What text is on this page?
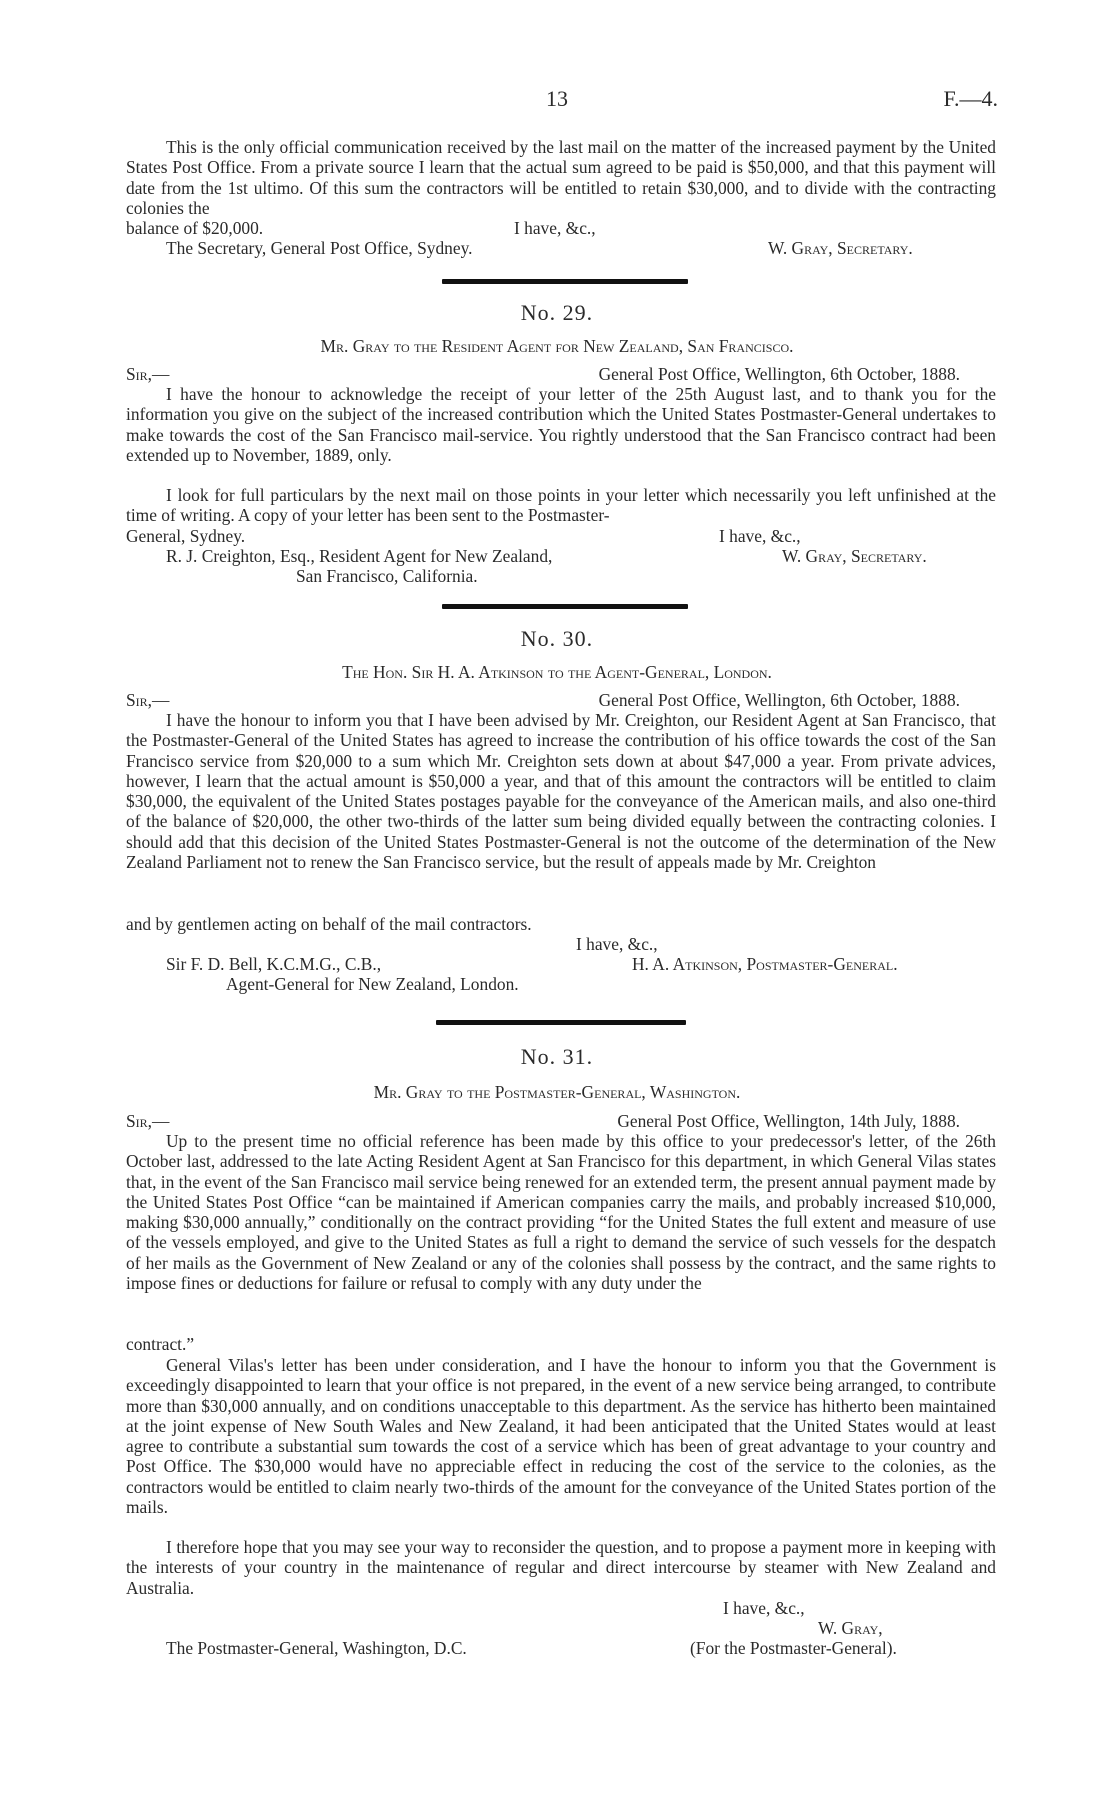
13	F.—4.
This is the only official communication received by the last mail on the matter of the increased payment by the United States Post Office. From a private source I learn that the actual sum agreed to be paid is $50,000, and that this payment will date from the 1st ultimo. Of this sum the contractors will be entitled to retain $30,000, and to divide with the contracting colonies the
balance of $20,000.	I have, &c.,
The Secretary, General Post Office, Sydney.	W. Gray, Secretary.
No. 29.
Mr. Gray to the Resident Agent for New Zealand, San Francisco.
Sir,—	General Post Office, Wellington, 6th October, 1888.
I have the honour to acknowledge the receipt of your letter of the 25th August last, and to thank you for the information you give on the subject of the increased contribution which the United States Postmaster-General undertakes to make towards the cost of the San Francisco mail-service. You rightly understood that the San Francisco contract had been extended up to November, 1889, only.
I look for full particulars by the next mail on those points in your letter which necessarily you left unfinished at the time of writing. A copy of your letter has been sent to the Postmaster-
General, Sydney.	I have, &c.,
R. J. Creighton, Esq., Resident Agent for New Zealand,	W. Gray, Secretary.
San Francisco, California.
No. 30.
The Hon. Sir H. A. Atkinson to the Agent-General, London.
Sir,—	General Post Office, Wellington, 6th October, 1888.
I have the honour to inform you that I have been advised by Mr. Creighton, our Resident Agent at San Francisco, that the Postmaster-General of the United States has agreed to increase the contribution of his office towards the cost of the San Francisco service from $20,000 to a sum which Mr. Creighton sets down at about $47,000 a year. From private advices, however, I learn that the actual amount is $50,000 a year, and that of this amount the contractors will be entitled to claim $30,000, the equivalent of the United States postages payable for the conveyance of the American mails, and also one-third of the balance of $20,000, the other two-thirds of the latter sum being divided equally between the contracting colonies. I should add that this decision of the United States Postmaster-General is not the outcome of the determination of the New Zealand Parliament not to renew the San Francisco service, but the result of appeals made by Mr. Creighton
and by gentlemen acting on behalf of the mail contractors.
I have, &c.,
Sir F. D. Bell, K.C.M.G., C.B.,	H. A. Atkinson, Postmaster-General.
Agent-General for New Zealand, London.
No. 31.
Mr. Gray to the Postmaster-General, Washington.
Sir,—	General Post Office, Wellington, 14th July, 1888.
Up to the present time no official reference has been made by this office to your predecessor's letter, of the 26th October last, addressed to the late Acting Resident Agent at San Francisco for this department, in which General Vilas states that, in the event of the San Francisco mail service being renewed for an extended term, the present annual payment made by the United States Post Office “can be maintained if American companies carry the mails, and probably increased $10,000, making $30,000 annually,” conditionally on the contract providing “for the United States the full extent and measure of use of the vessels employed, and give to the United States as full a right to demand the service of such vessels for the despatch of her mails as the Government of New Zealand or any of the colonies shall possess by the contract, and the same rights to impose fines or deductions for failure or refusal to comply with any duty under the
contract.”
General Vilas's letter has been under consideration, and I have the honour to inform you that the Government is exceedingly disappointed to learn that your office is not prepared, in the event of a new service being arranged, to contribute more than $30,000 annually, and on conditions unacceptable to this department. As the service has hitherto been maintained at the joint expense of New South Wales and New Zealand, it had been anticipated that the United States would at least agree to contribute a substantial sum towards the cost of a service which has been of great advantage to your country and Post Office. The $30,000 would have no appreciable effect in reducing the cost of the service to the colonies, as the contractors would be entitled to claim nearly two-thirds of the amount for the conveyance of the United States portion of the mails.
I therefore hope that you may see your way to reconsider the question, and to propose a payment more in keeping with the interests of your country in the maintenance of regular and direct intercourse by steamer with New Zealand and Australia.
I have, &c.,
W. Gray,
The Postmaster-General, Washington, D.C.	(For the Postmaster-General).
